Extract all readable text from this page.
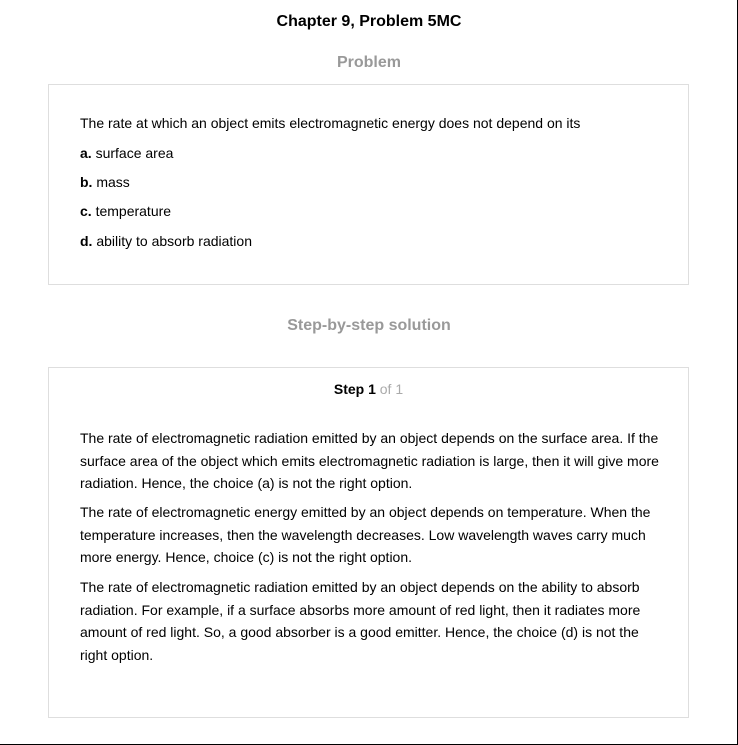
Chapter 9, Problem 5MC
Problem
The rate at which an object emits electromagnetic energy does not depend on its
a. surface area
b. mass
c. temperature
d. ability to absorb radiation
Step-by-step solution
Step 1 of 1

The rate of electromagnetic radiation emitted by an object depends on the surface area. If the surface area of the object which emits electromagnetic radiation is large, then it will give more radiation. Hence, the choice (a) is not the right option.

The rate of electromagnetic energy emitted by an object depends on temperature. When the temperature increases, then the wavelength decreases. Low wavelength waves carry much more energy. Hence, choice (c) is not the right option.

The rate of electromagnetic radiation emitted by an object depends on the ability to absorb radiation. For example, if a surface absorbs more amount of red light, then it radiates more amount of red light. So, a good absorber is a good emitter. Hence, the choice (d) is not the right option.
